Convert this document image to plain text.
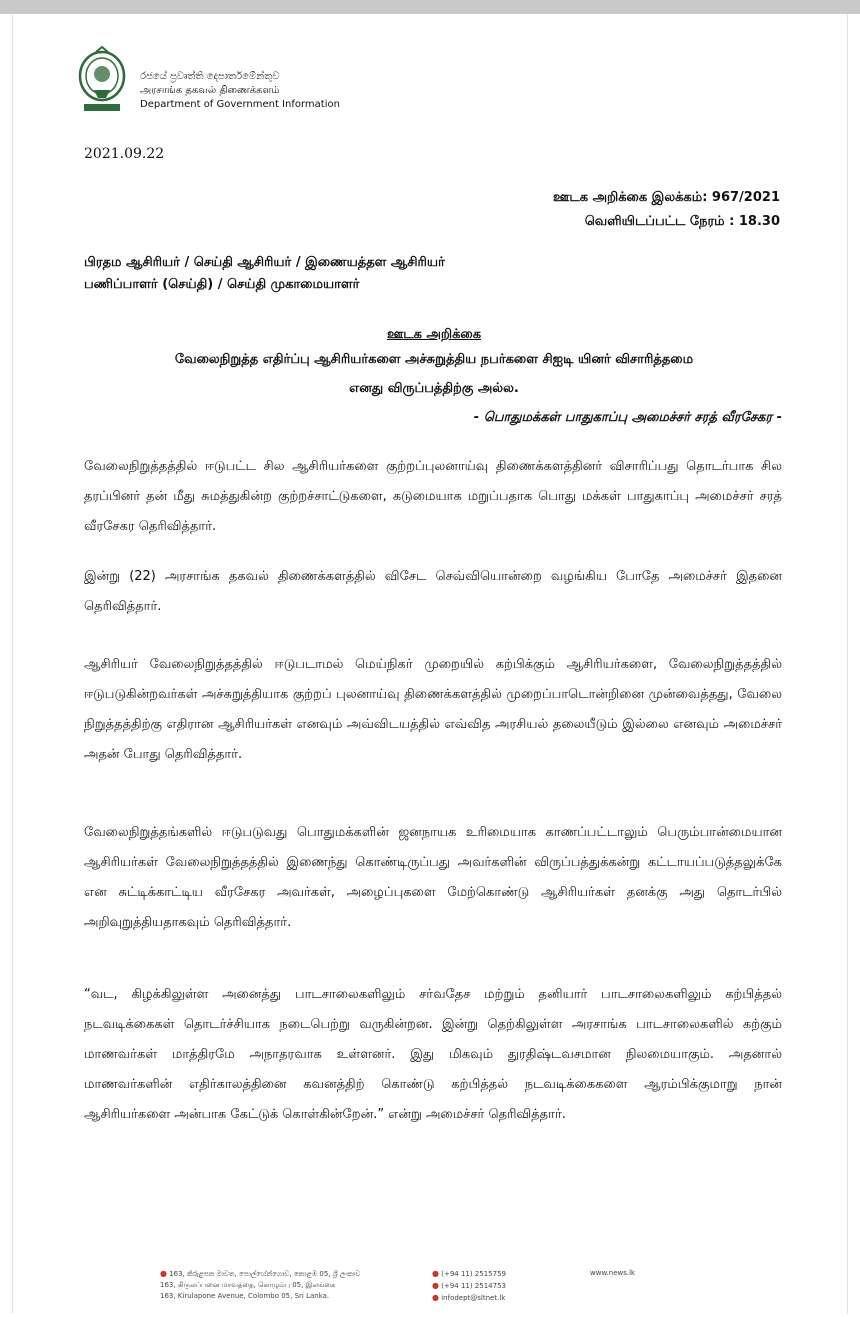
රජයේ ප්‍රවෘත්ති දෙපාර්තමේන්තුව
அரசாங்க தகவல் திணைக்களம்
Department of Government Information
2021.09.22
ஊடக அறிக்கை இலக்கம்: 967/2021
வெளியிடப்பட்ட நேரம் : 18.30
பிரதம ஆசிரியர் / செய்தி ஆசிரியர் / இணையத்தள ஆசிரியர்
பணிப்பாளர் (செய்தி) / செய்தி முகாமையாளர்
ஊடக அறிக்கை
வேலைநிறுத்த எதிர்ப்பு ஆசிரியர்களை அச்சுறுத்திய நபர்களை சிஐடி யினர் விசாரித்தமை
எனது விருப்பத்திற்கு அல்ல.
- பொதுமக்கள் பாதுகாப்பு அமைச்சர் சரத் வீரசேகர -
வேலைநிறுத்தத்தில் ஈடுபட்ட சில ஆசிரியர்களை குற்றப்புலனாய்வு திணைக்களத்தினர் விசாரிப்பது தொடர்பாக சில தரப்பினர் தன் மீது சுமத்துகின்ற குற்றச்சாட்டுகளை, கடுமையாக மறுப்பதாக பொது மக்கள் பாதுகாப்பு அமைச்சர் சரத் வீரசேகர தெரிவித்தார்.
இன்று (22) அரசாங்க தகவல் திணைக்களத்தில் விசேட செவ்வியொன்றை வழங்கிய போதே அமைச்சர் இதனை தெரிவித்தார்.
ஆசிரியர் வேலைநிறுத்தத்தில் ஈடுபடாமல் மெய்நிகர் முறையில் கற்பிக்கும் ஆசிரியர்களை, வேலைநிறுத்தத்தில் ஈடுபடுகின்றவர்கள் அச்சுறுத்தியாக குற்றப் புலனாய்வு திணைக்களத்தில் முறைப்பாடொன்றினை முன்வைத்தது, வேலை நிறுத்தத்திற்கு எதிரான ஆசிரியர்கள் எனவும் அவ்விடயத்தில் எவ்வித அரசியல் தலையீடும் இல்லை எனவும் அமைச்சர் அதன் போது தெரிவித்தார்.
வேலைநிறுத்தங்களில் ஈடுபடுவது பொதுமக்களின் ஜனநாயக உரிமையாக காணப்பட்டாலும் பெரும்பான்மையான ஆசிரியர்கள் வேலைநிறுத்தத்தில் இணைந்து கொண்டிருப்பது அவர்களின் விருப்பத்துக்கன்று கட்டாயப்படுத்தலுக்கே என சுட்டிக்காட்டிய வீரசேகர அவர்கள், அழைப்புகளை மேற்கொண்டு ஆசிரியர்கள் தனக்கு அது தொடர்பில் அறிவுறுத்தியதாகவும் தெரிவித்தார்.
“வட, கிழக்கிலுள்ள அனைத்து பாடசாலைகளிலும் சர்வதேச மற்றும் தனியார் பாடசாலைகளிலும் கற்பித்தல் நடவடிக்கைகள் தொடர்ச்சியாக நடைபெற்று வருகின்றன. இன்று தெற்கிலுள்ள அரசாங்க பாடசாலைகளில் கற்கும் மாணவர்கள் மாத்திரமே அநாதரவாக உள்ளனர். இது மிகவும் துரதிஷ்டவசமான நிலமையாகும். அதனால் மாணவர்களின் எதிர்காலத்தினை கவனத்திற் கொண்டு கற்பித்தல் நடவடிக்கைகளை ஆரம்பிக்குமாறு நான் ஆசிரியர்களை அன்பாக கேட்டுக் கொள்கின்றேன்.” என்று அமைச்சர் தெரிவித்தார்.
● 163, කිරුළපන මාවත, පොල්හේන්ගොඩ, කොළඹ 05, ශ්‍රී ලංකාව
163, கிருலப்பனை மாவத்தை, கொழும்பு 05, இலங்கை
163, Kirulapone Avenue, Colombo 05, Sri Lanka.
● (+94 11) 2515759
● (+94 11) 2514753
● infodept@sltnet.lk
www.news.lk
